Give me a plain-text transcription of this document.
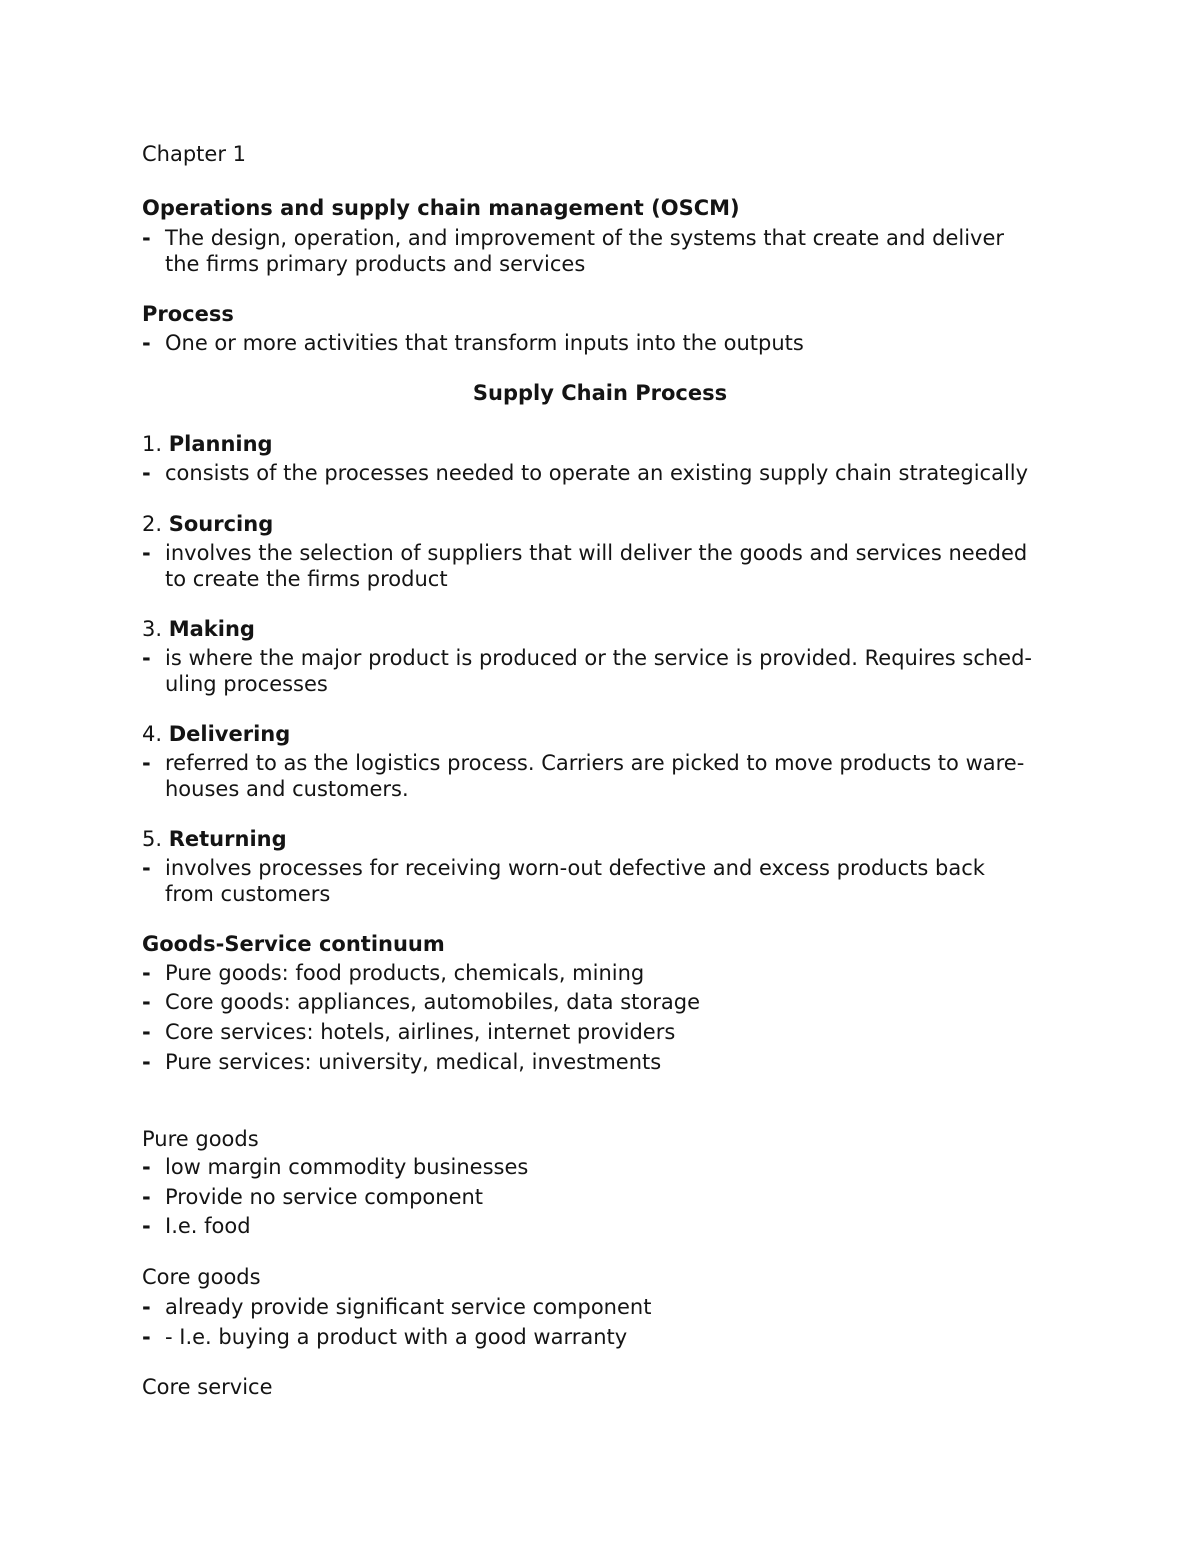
Chapter 1
Operations and supply chain management (OSCM)
- The design, operation, and improvement of the systems that create and deliver
the firms primary products and services
Process
- One or more activities that transform inputs into the outputs
Supply Chain Process
1. Planning
- consists of the processes needed to operate an existing supply chain strategically
2. Sourcing
- involves the selection of suppliers that will deliver the goods and services needed
to create the firms product
3. Making
- is where the major product is produced or the service is provided. Requires sched-
uling processes
4. Delivering
- referred to as the logistics process. Carriers are picked to move products to ware-
houses and customers.
5. Returning
- involves processes for receiving worn-out defective and excess products back
from customers
Goods-Service continuum
- Pure goods: food products, chemicals, mining
- Core goods: appliances, automobiles, data storage
- Core services: hotels, airlines, internet providers
- Pure services: university, medical, investments
Pure goods
- low margin commodity businesses
- Provide no service component
- I.e. food
Core goods
- already provide significant service component
- - I.e. buying a product with a good warranty
Core service
